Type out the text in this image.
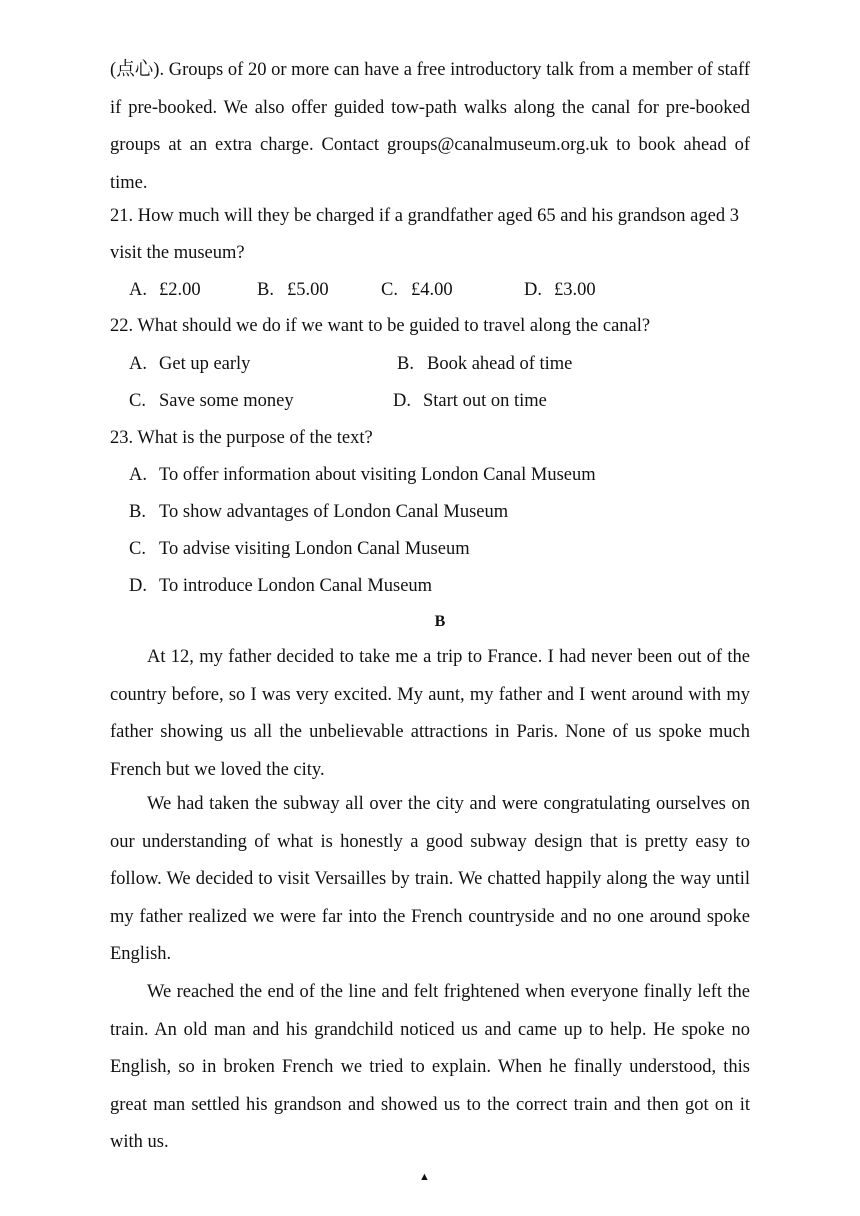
(点心). Groups of 20 or more can have a free introductory talk from a member of staff if pre-booked. We also offer guided tow-path walks along the canal for pre-booked groups at an extra charge. Contact groups@canalmuseum.org.uk to book ahead of time.

21. How much will they be charged if a grandfather aged 65 and his grandson aged 3
visit the museum?
A. £2.00	B. £5.00	C. £4.00	D. £3.00
22. What should we do if we want to be guided to travel along the canal?
A. Get up early	B. Book ahead of time
C. Save some money	D. Start out on time
23. What is the purpose of the text?
A. To offer information about visiting London Canal Museum
B. To show advantages of London Canal Museum
C. To advise visiting London Canal Museum
D. To introduce London Canal Museum
B

At 12, my father decided to take me a trip to France. I had never been out of the country before, so I was very excited. My aunt, my father and I went around with my father showing us all the unbelievable attractions in Paris. None of us spoke much French but we loved the city.

We had taken the subway all over the city and were congratulating ourselves on our understanding of what is honestly a good subway design that is pretty easy to follow. We decided to visit Versailles by train. We chatted happily along the way until my father realized we were far into the French countryside and no one around spoke English.

We reached the end of the line and felt frightened when everyone finally left the train. An old man and his grandchild noticed us and came up to help. He spoke no English, so in broken French we tried to explain. When he finally understood, this great man settled his grandson and showed us to the correct train and then got on it with us.

▲
